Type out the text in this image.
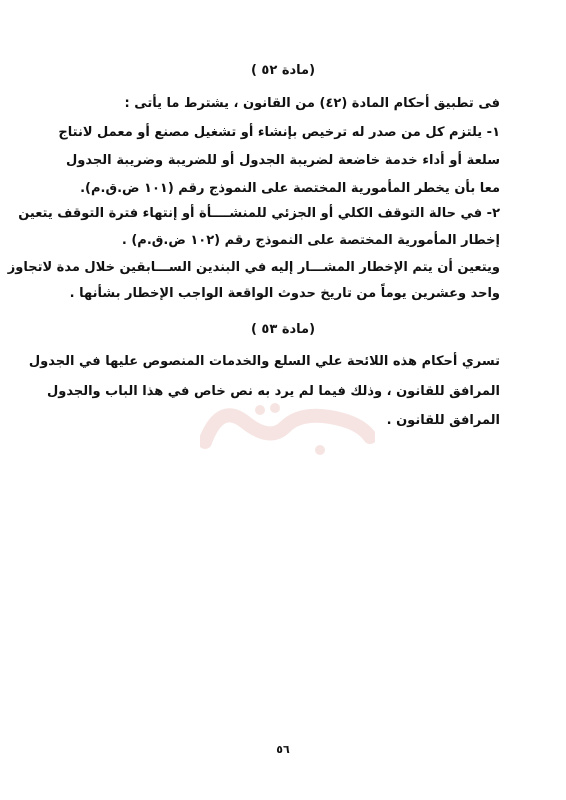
(مادة ٥٢ )
فى تطبيق أحكام المادة (٤٢) من القانون ، يشترط ما يأتى :
١- يلتزم كل من صدر له ترخيص بإنشاء أو تشغيل مصنع أو معمل لانتاج
سلعة أو أداء خدمة خاضعة لضريبة الجدول أو للضريبة وضريبة الجدول
معا بأن يخطر المأمورية المختصة على النموذج رقم (١٠١ ض.ق.م).
٢- في حالة التوقف الكلي أو الجزئي للمنشــــأة أو إنتهاء فترة التوقف يتعين
إخطار المأمورية المختصة على النموذج رقم (١٠٢ ض.ق.م) .
ويتعين أن يتم الإخطار المشـــار إليه في البندين الســـابقين خلال مدة لاتجاوز
واحد وعشرين يوماً من تاريخ حدوث الواقعة الواجب الإخطار بشأنها .
(مادة ٥٣ )
تسري أحكام هذه اللائحة علي السلع والخدمات المنصوص عليها في الجدول
المرافق للقانون ، وذلك فيما لم يرد به نص خاص في هذا الباب والجدول
المرافق للقانون .
٥٦
